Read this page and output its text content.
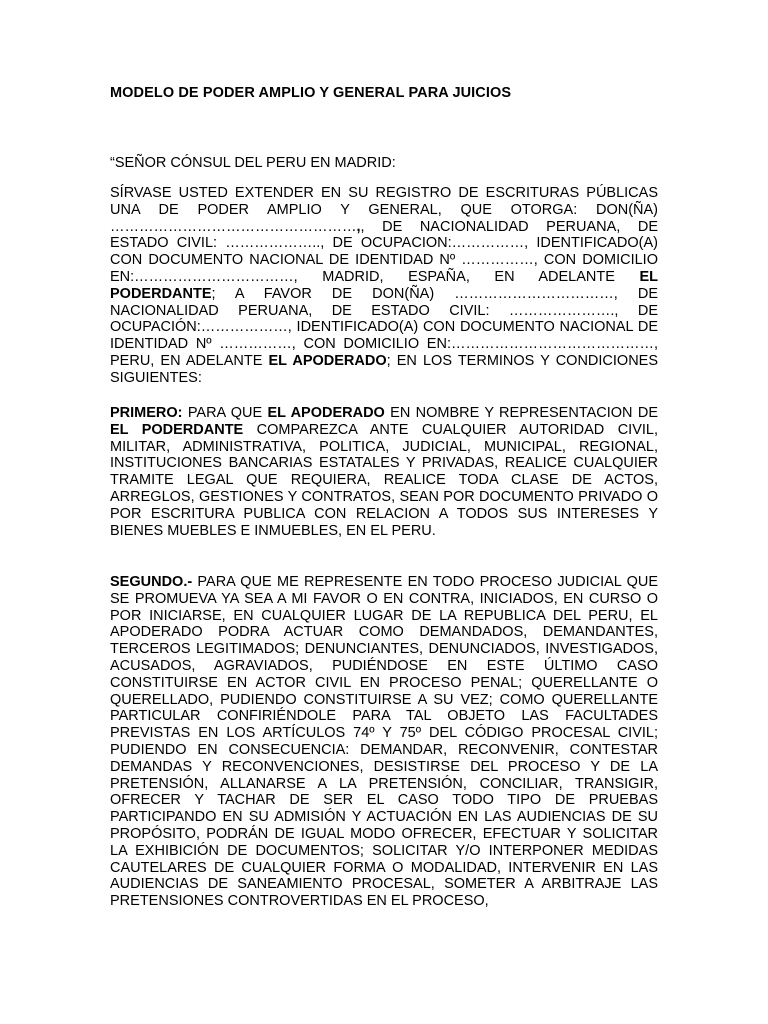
MODELO DE PODER AMPLIO Y GENERAL PARA JUICIOS
“SEÑOR CÓNSUL DEL PERU EN MADRID:

SÍRVASE USTED EXTENDER EN SU REGISTRO DE ESCRITURAS PÚBLICAS UNA DE PODER AMPLIO Y GENERAL, QUE OTORGA: DON(ÑA) ……………………………………………,, DE NACIONALIDAD PERUANA, DE ESTADO CIVIL: ……………….., DE OCUPACION:……………, IDENTIFICADO(A) CON DOCUMENTO NACIONAL DE IDENTIDAD Nº ……………, CON DOMICILIO EN:……………………………, MADRID, ESPAÑA, EN ADELANTE EL PODERDANTE; A FAVOR DE DON(ÑA) ……………………………, DE NACIONALIDAD PERUANA, DE ESTADO CIVIL: …………………., DE OCUPACIÓN:………………, IDENTIFICADO(A) CON DOCUMENTO NACIONAL DE IDENTIDAD Nº ……………, CON DOMICILIO EN:……………………………………, PERU, EN ADELANTE EL APODERADO; EN LOS TERMINOS Y CONDICIONES SIGUIENTES:

PRIMERO: PARA QUE EL APODERADO EN NOMBRE Y REPRESENTACION DE EL PODERDANTE COMPAREZCA ANTE CUALQUIER AUTORIDAD CIVIL, MILITAR, ADMINISTRATIVA, POLITICA, JUDICIAL, MUNICIPAL, REGIONAL, INSTITUCIONES BANCARIAS ESTATALES Y PRIVADAS, REALICE CUALQUIER TRAMITE LEGAL QUE REQUIERA, REALICE TODA CLASE DE ACTOS, ARREGLOS, GESTIONES Y CONTRATOS, SEAN POR DOCUMENTO PRIVADO O POR ESCRITURA PUBLICA CON RELACION A TODOS SUS INTERESES Y BIENES MUEBLES E INMUEBLES, EN EL PERU.

SEGUNDO.- PARA QUE ME REPRESENTE EN TODO PROCESO JUDICIAL QUE SE PROMUEVA YA SEA A MI FAVOR O EN CONTRA, INICIADOS, EN CURSO O POR INICIARSE, EN CUALQUIER LUGAR DE LA REPUBLICA DEL PERU, EL APODERADO PODRA ACTUAR COMO DEMANDADOS, DEMANDANTES, TERCEROS LEGITIMADOS; DENUNCIANTES, DENUNCIADOS, INVESTIGADOS, ACUSADOS, AGRAVIADOS, PUDIÉNDOSE EN ESTE ÚLTIMO CASO CONSTITUIRSE EN ACTOR CIVIL EN PROCESO PENAL; QUERELLANTE O QUERELLADO, PUDIENDO CONSTITUIRSE A SU VEZ; COMO QUERELLANTE PARTICULAR CONFIRIÉNDOLE PARA TAL OBJETO LAS FACULTADES PREVISTAS EN LOS ARTÍCULOS 74º Y 75º DEL CÓDIGO PROCESAL CIVIL; PUDIENDO EN CONSECUENCIA: DEMANDAR, RECONVENIR, CONTESTAR DEMANDAS Y RECONVENCIONES, DESISTIRSE DEL PROCESO Y DE LA PRETENSIÓN, ALLANARSE A LA PRETENSIÓN, CONCILIAR, TRANSIGIR, OFRECER Y TACHAR DE SER EL CASO TODO TIPO DE PRUEBAS PARTICIPANDO EN SU ADMISIÓN Y ACTUACIÓN EN LAS AUDIENCIAS DE SU PROPÓSITO, PODRÁN DE IGUAL MODO OFRECER, EFECTUAR Y SOLICITAR LA EXHIBICIÓN DE DOCUMENTOS; SOLICITAR Y/O INTERPONER MEDIDAS CAUTELARES DE CUALQUIER FORMA O MODALIDAD, INTERVENIR EN LAS AUDIENCIAS DE SANEAMIENTO PROCESAL, SOMETER A ARBITRAJE LAS PRETENSIONES CONTROVERTIDAS EN EL PROCESO,
